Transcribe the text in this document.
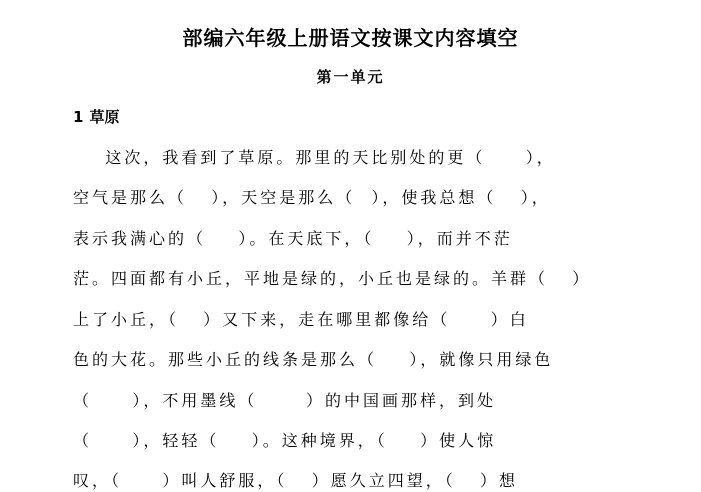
部编六年级上册语文按课文内容填空
第一单元
1 草原
这次，我看到了草原。那里的天比别处的更（     ），
空气是那么（   ），天空是那么（  ），使我总想（   ），
表示我满心的（    ）。在天底下，（    ），而并不茫
茫。四面都有小丘，平地是绿的，小丘也是绿的。羊群（   ）
上了小丘，（   ）又下来，走在哪里都像给（     ）白
色的大花。那些小丘的线条是那么（    ），就像只用绿色
（     ），不用墨线（      ）的中国画那样，到处
（     ），轻轻（    ）。这种境界，（    ）使人惊
叹，（     ）叫人舒服，（   ）愿久立四望，（   ）想
